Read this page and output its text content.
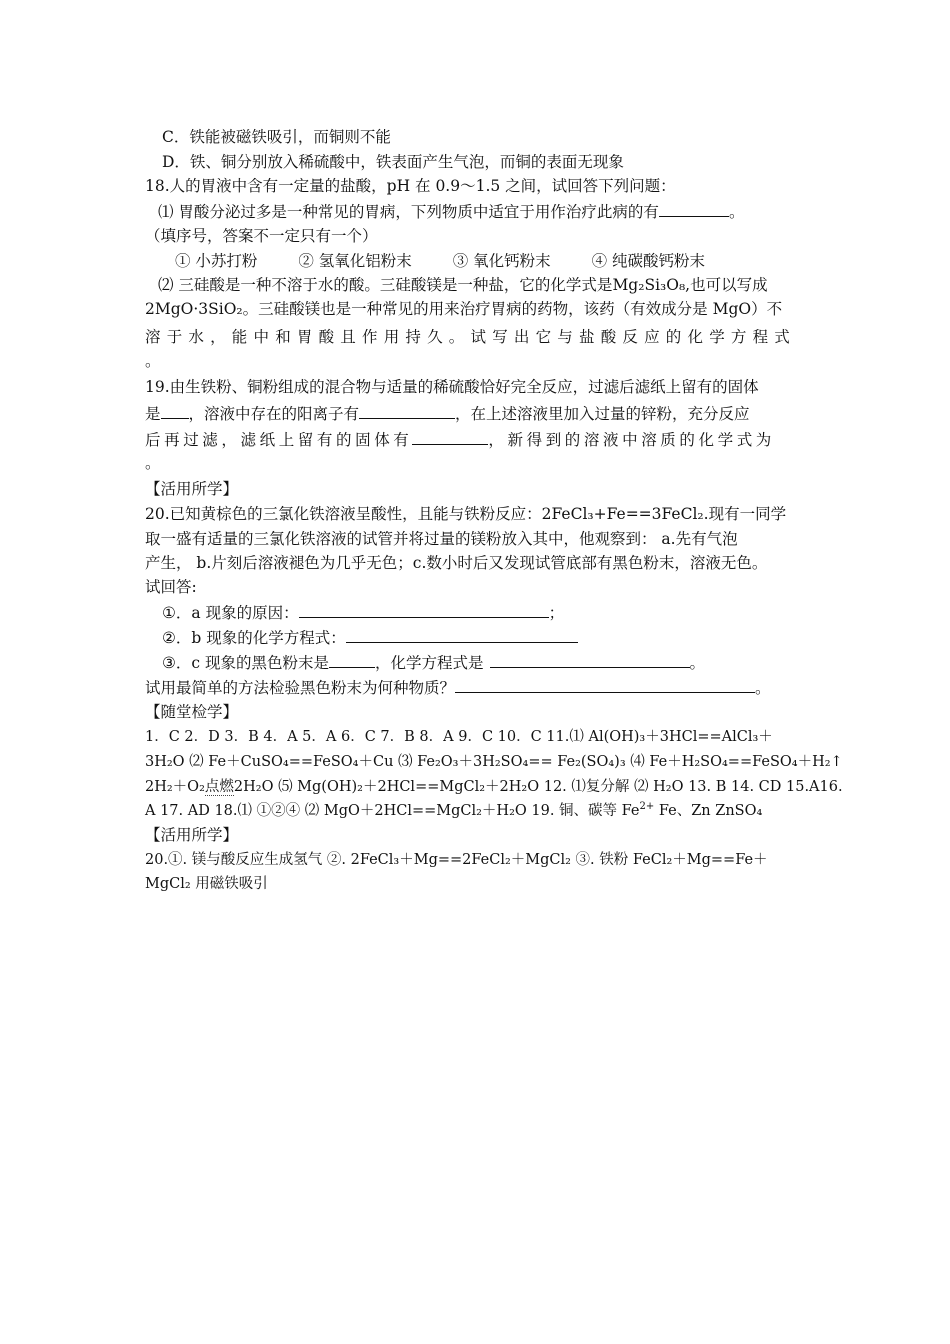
C．铁能被磁铁吸引，而铜则不能
D．铁、铜分别放入稀硫酸中，铁表面产生气泡，而铜的表面无现象
18.人的胃液中含有一定量的盐酸，pH 在 0.9～1.5 之间，试回答下列问题：
⑴ 胃酸分泌过多是一种常见的胃病，下列物质中适宜于用作治疗此病的有	。
（填序号，答案不一定只有一个）
① 小苏打粉	② 氢氧化铝粉末	③ 氧化钙粉末	④ 纯碳酸钙粉末
⑵ 三硅酸是一种不溶于水的酸。三硅酸镁是一种盐，它的化学式是Mg₂Si₃O₈,也可以写成
2MgO·3SiO₂。三硅酸镁也是一种常见的用来治疗胃病的药物，该药（有效成分是 MgO）不
溶于水，能中和胃酸且作用持久。试写出它与盐酸反应的化学方程式
。
19.由生铁粉、铜粉组成的混合物与适量的稀硫酸恰好完全反应，过滤后滤纸上留有的固体
是 ，溶液中存在的阳离子有	，在上述溶液里加入过量的锌粉，充分反应
后再过滤，滤纸上留有的固体有	，新得到的溶液中溶质的化学式为
。
【活用所学】
20.已知黄棕色的三氯化铁溶液呈酸性，且能与铁粉反应：2FeCl₃+Fe==3FeCl₂.现有一同学
取一盛有适量的三氯化铁溶液的试管并将过量的镁粉放入其中，他观察到： a.先有气泡
产生， b.片刻后溶液褪色为几乎无色；c.数小时后又发现试管底部有黑色粉末，溶液无色。
试回答:
①．a 现象的原因：	；
②．b 现象的化学方程式：
③．c 现象的黑色粉末是	，化学方程式是	。
试用最简单的方法检验黑色粉末为何种物质？	。
【随堂检学】
1．C 2．D 3．B 4．A 5．A 6．C 7．B 8．A 9．C 10．C 11.⑴ Al(OH)₃＋3HCl==AlCl₃＋
3H₂O ⑵ Fe＋CuSO₄==FeSO₄＋Cu ⑶ Fe₂O₃＋3H₂SO₄== Fe₂(SO₄)₃ ⑷ Fe＋H₂SO₄==FeSO₄＋H₂↑
2H₂＋O₂点燃2H₂O ⑸ Mg(OH)₂＋2HCl==MgCl₂＋2H₂O 12. ⑴复分解 ⑵ H₂O 13. B 14. CD 15.A16.
A 17. AD 18.⑴ ①②④ ⑵ MgO＋2HCl==MgCl₂＋H₂O 19. 铜、碳等 $Fe^{2+}$ Fe、Zn ZnSO₄
【活用所学】
20.①. 镁与酸反应生成氢气 ②. 2FeCl₃＋Mg==2FeCl₂＋MgCl₂ ③. 铁粉 FeCl₂＋Mg==Fe＋
MgCl₂ 用磁铁吸引
